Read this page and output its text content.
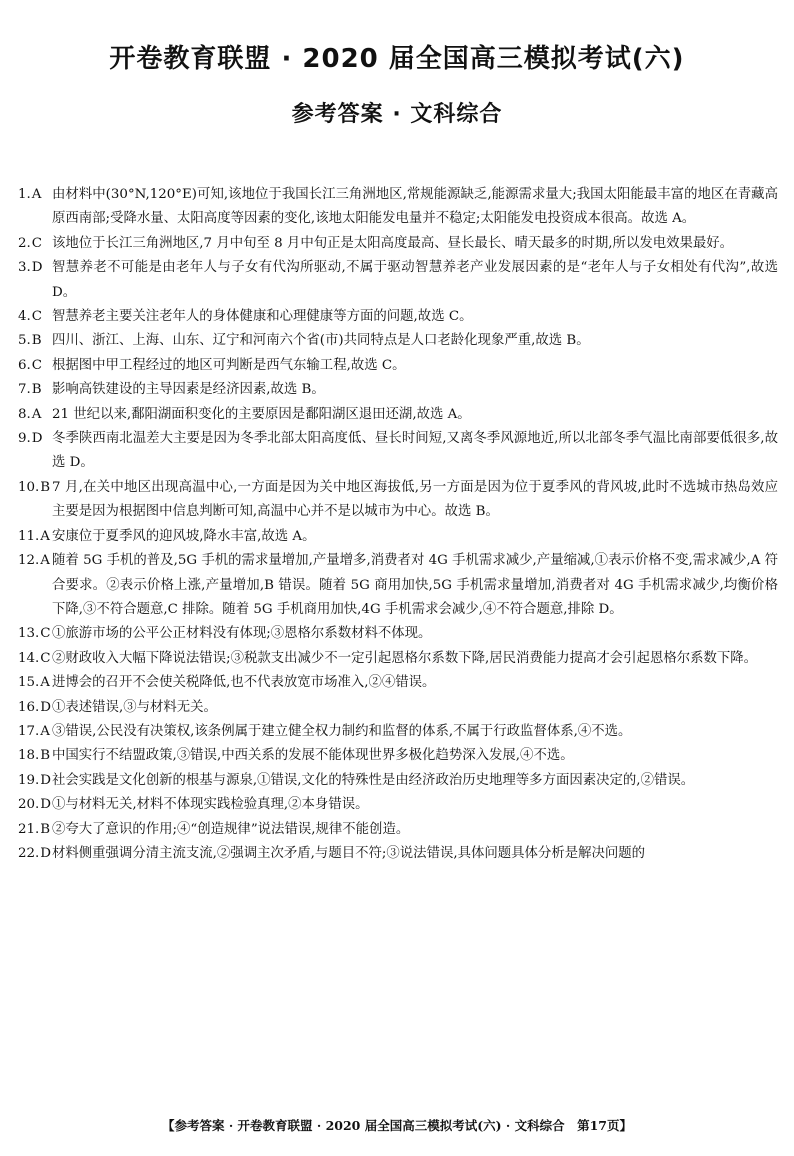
开卷教育联盟 · 2020 届全国高三模拟考试(六)
参考答案 · 文科综合
1.A 由材料中(30°N,120°E)可知,该地位于我国长江三角洲地区,常规能源缺乏,能源需求量大;我国太阳能最丰富的地区在青藏高原西南部;受降水量、太阳高度等因素的变化,该地太阳能发电量并不稳定;太阳能发电投资成本很高。故选 A。
2.C 该地位于长江三角洲地区,7 月中旬至 8 月中旬正是太阳高度最高、昼长最长、晴天最多的时期,所以发电效果最好。
3.D 智慧养老不可能是由老年人与子女有代沟所驱动,不属于驱动智慧养老产业发展因素的是“老年人与子女相处有代沟”,故选 D。
4.C 智慧养老主要关注老年人的身体健康和心理健康等方面的问题,故选 C。
5.B 四川、浙江、上海、山东、辽宁和河南六个省(市)共同特点是人口老龄化现象严重,故选 B。
6.C 根据图中甲工程经过的地区可判断是西气东输工程,故选 C。
7.B 影响高铁建设的主导因素是经济因素,故选 B。
8.A 21 世纪以来,鄱阳湖面积变化的主要原因是鄱阳湖区退田还湖,故选 A。
9.D 冬季陕西南北温差大主要是因为冬季北部太阳高度低、昼长时间短,又离冬季风源地近,所以北部冬季气温比南部要低很多,故选 D。
10.B 7 月,在关中地区出现高温中心,一方面是因为关中地区海拔低,另一方面是因为位于夏季风的背风坡,此时不选城市热岛效应主要是因为根据图中信息判断可知,高温中心并不是以城市为中心。故选 B。
11.A 安康位于夏季风的迎风坡,降水丰富,故选 A。
12.A 随着 5G 手机的普及,5G 手机的需求量增加,产量增多,消费者对 4G 手机需求减少,产量缩减,①表示价格不变,需求减少,A 符合要求。②表示价格上涨,产量增加,B 错误。随着 5G 商用加快,5G 手机需求量增加,消费者对 4G 手机需求减少,均衡价格下降,③不符合题意,C 排除。随着 5G 手机商用加快,4G 手机需求会减少,④不符合题意,排除 D。
13.C ①旅游市场的公平公正材料没有体现;③恩格尔系数材料不体现。
14.C ②财政收入大幅下降说法错误;③税款支出减少不一定引起恩格尔系数下降,居民消费能力提高才会引起恩格尔系数下降。
15.A 进博会的召开不会使关税降低,也不代表放宽市场准入,②④错误。
16.D ①表述错误,③与材料无关。
17.A ③错误,公民没有决策权,该条例属于建立健全权力制约和监督的体系,不属于行政监督体系,④不选。
18.B 中国实行不结盟政策,③错误,中西关系的发展不能体现世界多极化趋势深入发展,④不选。
19.D 社会实践是文化创新的根基与源泉,①错误,文化的特殊性是由经济政治历史地理等多方面因素决定的,②错误。
20.D ①与材料无关,材料不体现实践检验真理,②本身错误。
21.B ②夸大了意识的作用;④“创造规律”说法错误,规律不能创造。
22.D 材料侧重强调分清主流支流,②强调主次矛盾,与题目不符;③说法错误,具体问题具体分析是解决问题的
【参考答案 · 开卷教育联盟 · 2020 届全国高三模拟考试(六) · 文科综合　第17页】
